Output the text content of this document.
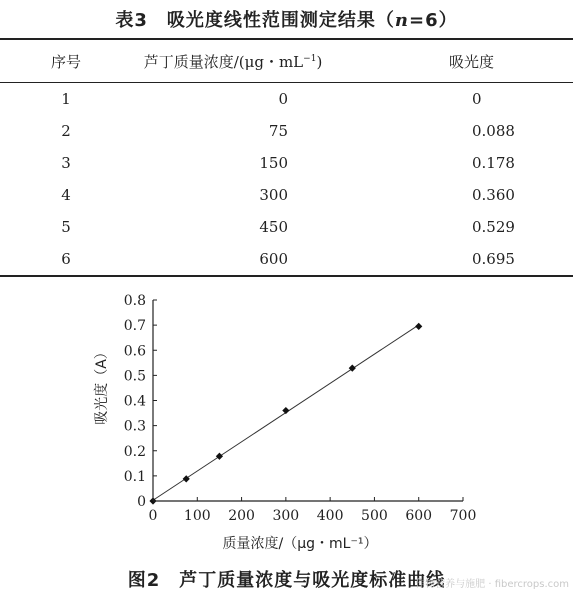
表3　吸光度线性范围测定结果（n=6）
序号	芦丁质量浓度/(μg・$mL^{-1}$)	吸光度
1	0	0
2	75	0.088
3	150	0.178
4	300	0.360
5	450	0.529
6	600	0.695
0 100 200 300 400 500 600 700
0
0.1
0.2
0.3
0.4
0.5
0.6
0.7
0.8
质量浓度/（μg・mL⁻¹）
吸光度（A）
图2　芦丁质量浓度与吸光度标准曲线
作物营养与施肥 · fibercrops.com
